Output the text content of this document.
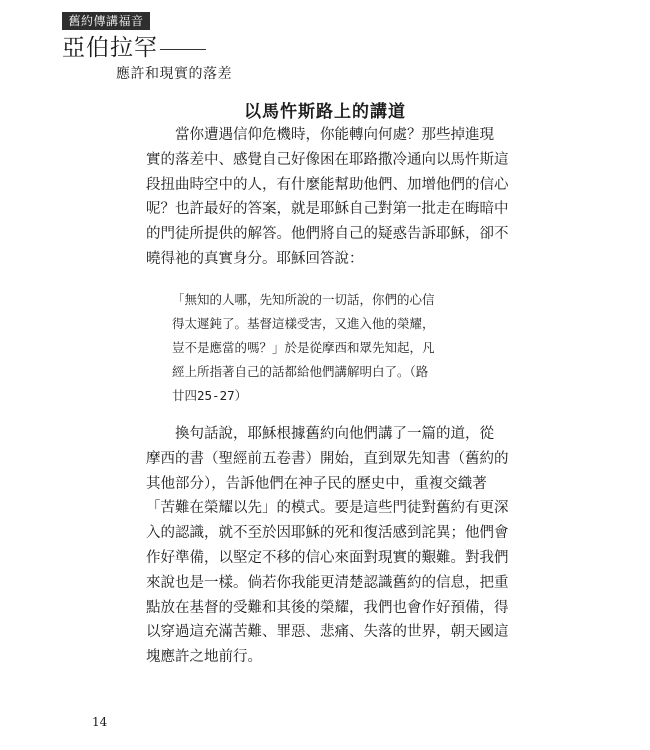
舊約傳講福音
亞伯拉罕
應許和現實的落差
以馬忤斯路上的講道
　　當你遭遇信仰危機時，你能轉向何處？那些掉進現
實的落差中、感覺自己好像困在耶路撒冷通向以馬忤斯這
段扭曲時空中的人，有什麼能幫助他們、加增他們的信心
呢？也許最好的答案，就是耶穌自己對第一批走在晦暗中
的門徒所提供的解答。他們將自己的疑惑告訴耶穌，卻不
曉得祂的真實身分。耶穌回答說：
「無知的人哪，先知所說的一切話，你們的心信
得太遲鈍了。基督這樣受害，又進入他的榮耀，
豈不是應當的嗎？」於是從摩西和眾先知起，凡
經上所指著自己的話都給他們講解明白了。（路
廿四25-27）
　　換句話說，耶穌根據舊約向他們講了一篇的道，從
摩西的書（聖經前五卷書）開始，直到眾先知書（舊約的
其他部分），告訴他們在神子民的歷史中，重複交織著
「苦難在榮耀以先」的模式。要是這些門徒對舊約有更深
入的認識，就不至於因耶穌的死和復活感到詫異；他們會
作好準備，以堅定不移的信心來面對現實的艱難。對我們
來說也是一樣。倘若你我能更清楚認識舊約的信息，把重
點放在基督的受難和其後的榮耀，我們也會作好預備，得
以穿過這充滿苦難、罪惡、悲痛、失落的世界，朝天國這
塊應許之地前行。
14
